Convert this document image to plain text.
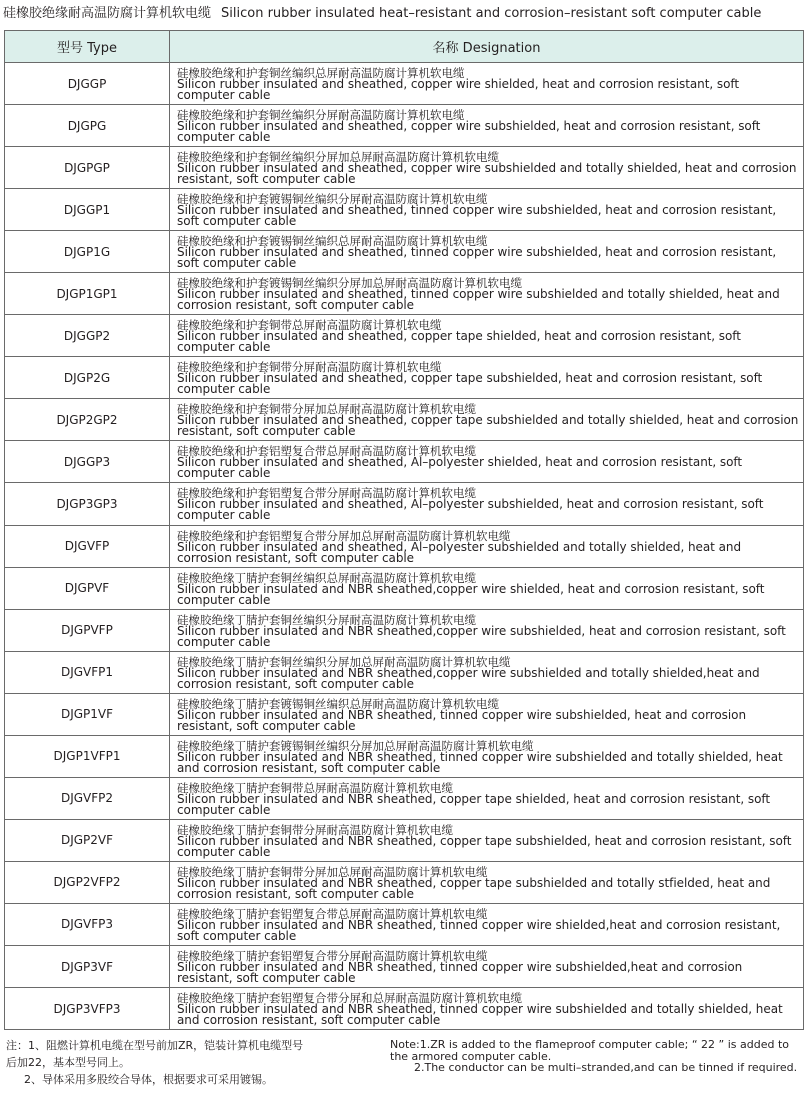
硅橡胶绝缘耐高温防腐计算机软电缆 Silicon rubber insulated heat–resistant and corrosion–resistant soft computer cable
型号 Type	名称 Designation
DJGGP	硅橡胶绝缘和护套铜丝编织总屏耐高温防腐计算机软电缆
Silicon rubber insulated and sheathed, copper wire shielded, heat and corrosion resistant, soft computer cable

DJGPG	硅橡胶绝缘和护套铜丝编织分屏耐高温防腐计算机软电缆
Silicon rubber insulated and sheathed, copper wire subshielded, heat and corrosion resistant, soft computer cable

DJGPGP	硅橡胶绝缘和护套铜丝编织分屏加总屏耐高温防腐计算机软电缆
Silicon rubber insulated and sheathed, copper wire subshielded and totally shielded, heat and corrosion resistant, soft computer cable

DJGGP1	硅橡胶绝缘和护套镀锡铜丝编织分屏耐高温防腐计算机软电缆
Silicon rubber insulated and sheathed, tinned copper wire subshielded, heat and corrosion resistant, soft computer cable

DJGP1G	硅橡胶绝缘和护套镀锡铜丝编织总屏耐高温防腐计算机软电缆
Silicon rubber insulated and sheathed, tinned copper wire subshielded, heat and corrosion resistant, soft computer cable

DJGP1GP1	硅橡胶绝缘和护套镀锡铜丝编织分屏加总屏耐高温防腐计算机软电缆
Silicon rubber insulated and sheathed, tinned copper wire subshielded and totally shielded, heat and corrosion resistant, soft computer cable

DJGGP2	硅橡胶绝缘和护套铜带总屏耐高温防腐计算机软电缆
Silicon rubber insulated and sheathed, copper tape shielded, heat and corrosion resistant, soft computer cable

DJGP2G	硅橡胶绝缘和护套铜带分屏耐高温防腐计算机软电缆
Silicon rubber insulated and sheathed, copper tape subshielded, heat and corrosion resistant, soft computer cable

DJGP2GP2	硅橡胶绝缘和护套铜带分屏加总屏耐高温防腐计算机软电缆
Silicon rubber insulated and sheathed, copper tape subshielded and totally shielded, heat and corrosion resistant, soft computer cable

DJGGP3	硅橡胶绝缘和护套铝塑复合带总屏耐高温防腐计算机软电缆
Silicon rubber insulated and sheathed, Al–polyester shielded, heat and corrosion resistant, soft computer cable

DJGP3GP3	硅橡胶绝缘和护套铝塑复合带分屏耐高温防腐计算机软电缆
Silicon rubber insulated and sheathed, Al–polyester subshielded, heat and corrosion resistant, soft computer cable

DJGVFP	硅橡胶绝缘和护套铝塑复合带分屏加总屏耐高温防腐计算机软电缆
Silicon rubber insulated and sheathed, Al–polyester subshielded and totally shielded, heat and corrosion resistant, soft computer cable

DJGPVF	硅橡胶绝缘丁腈护套铜丝编织总屏耐高温防腐计算机软电缆
Silicon rubber insulated and NBR sheathed,copper wire shielded, heat and corrosion resistant, soft computer cable

DJGPVFP	硅橡胶绝缘丁腈护套铜丝编织分屏耐高温防腐计算机软电缆
Silicon rubber insulated and NBR sheathed,copper wire subshielded, heat and corrosion resistant, soft computer cable

DJGVFP1	硅橡胶绝缘丁腈护套铜丝编织分屏加总屏耐高温防腐计算机软电缆
Silicon rubber insulated and NBR sheathed,copper wire subshielded and totally shielded,heat and corrosion resistant, soft computer cable

DJGP1VF	硅橡胶绝缘丁腈护套镀锡铜丝编织总屏耐高温防腐计算机软电缆
Silicon rubber insulated and NBR sheathed, tinned copper wire subshielded, heat and corrosion resistant, soft computer cable

DJGP1VFP1	硅橡胶绝缘丁腈护套镀锡铜丝编织分屏加总屏耐高温防腐计算机软电缆
Silicon rubber insulated and NBR sheathed, tinned copper wire subshielded and totally shielded, heat and corrosion resistant, soft computer cable

DJGVFP2	硅橡胶绝缘丁腈护套铜带总屏耐高温防腐计算机软电缆
Silicon rubber insulated and NBR sheathed, copper tape shielded, heat and corrosion resistant, soft computer cable

DJGP2VF	硅橡胶绝缘丁腈护套铜带分屏耐高温防腐计算机软电缆
Silicon rubber insulated and NBR sheathed, copper tape subshielded, heat and corrosion resistant, soft computer cable

DJGP2VFP2	硅橡胶绝缘丁腈护套铜带分屏加总屏耐高温防腐计算机软电缆
Silicon rubber insulated and NBR sheathed, copper tape subshielded and totally stfielded, heat and corrosion resistant, soft computer cable

DJGVFP3	硅橡胶绝缘丁腈护套铝塑复合带总屏耐高温防腐计算机软电缆
Silicon rubber insulated and NBR sheathed, tinned copper wire shielded,heat and corrosion resistant, soft computer cable

DJGP3VF	硅橡胶绝缘丁腈护套铝塑复合带分屏耐高温防腐计算机软电缆
Silicon rubber insulated and NBR sheathed, tinned copper wire subshielded,heat and corrosion resistant, soft computer cable

DJGP3VFP3	硅橡胶绝缘丁腈护套铝塑复合带分屏和总屏耐高温防腐计算机软电缆
Silicon rubber insulated and NBR sheathed, tinned copper wire subshielded and totally shielded, heat and corrosion resistant, soft computer cable
注：1、阻燃计算机电缆在型号前加ZR，铠装计算机电缆型号
后加22，基本型号同上。
2、导体采用多股绞合导体，根据要求可采用镀锡。
Note:1.ZR is added to the flameproof computer cable; “ 22 ” is added to the armored computer cable.
2.The conductor can be multi–stranded,and can be tinned if required.
